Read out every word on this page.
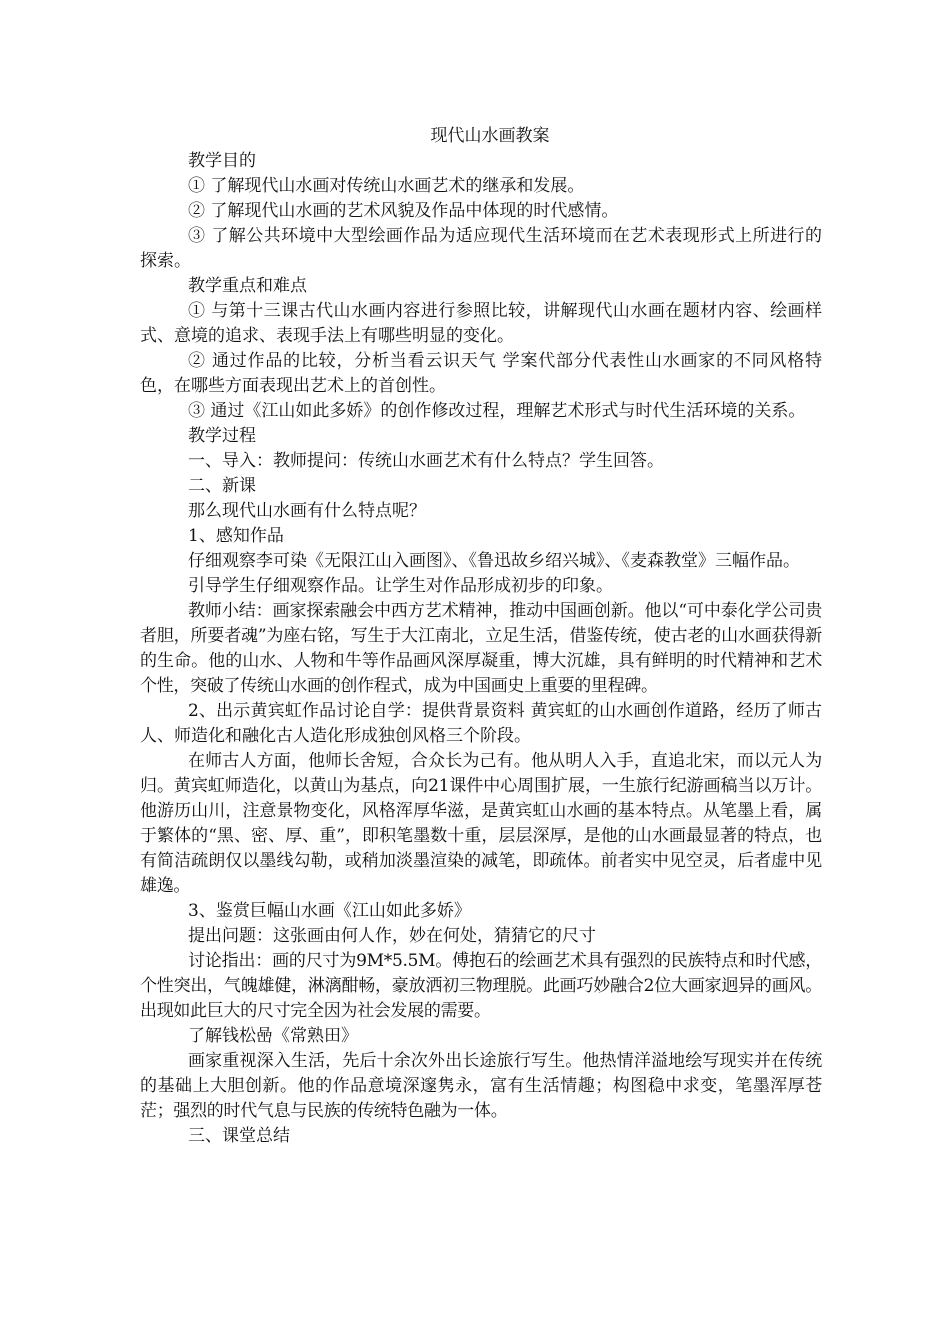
现代山水画教案

教学目的

① 了解现代山水画对传统山水画艺术的继承和发展。

② 了解现代山水画的艺术风貌及作品中体现的时代感情。

③ 了解公共环境中大型绘画作品为适应现代生活环境而在艺术表现形式上所进行的探索。

教学重点和难点

① 与第十三课古代山水画内容进行参照比较，讲解现代山水画在题材内容、绘画样式、意境的追求、表现手法上有哪些明显的变化。

② 通过作品的比较，分析当看云识天气 学案代部分代表性山水画家的不同风格特色，在哪些方面表现出艺术上的首创性。

③ 通过《江山如此多娇》的创作修改过程，理解艺术形式与时代生活环境的关系。

教学过程

一、导入：教师提问：传统山水画艺术有什么特点？学生回答。

二、新课

那么现代山水画有什么特点呢？

1、感知作品

仔细观察李可染《无限江山入画图》、《鲁迅故乡绍兴城》、《麦森教堂》三幅作品。

引导学生仔细观察作品。让学生对作品形成初步的印象。

教师小结：画家探索融会中西方艺术精神，推动中国画创新。他以“可中泰化学公司贵者胆，所要者魂”为座右铭，写生于大江南北，立足生活，借鉴传统，使古老的山水画获得新的生命。他的山水、人物和牛等作品画风深厚凝重，博大沉雄，具有鲜明的时代精神和艺术个性，突破了传统山水画的创作程式，成为中国画史上重要的里程碑。

2、出示黄宾虹作品讨论自学：提供背景资料 黄宾虹的山水画创作道路，经历了师古人、师造化和融化古人造化形成独创风格三个阶段。

在师古人方面，他师长舍短，合众长为己有。他从明人入手，直追北宋，而以元人为归。黄宾虹师造化，以黄山为基点，向21课件中心周围扩展，一生旅行纪游画稿当以万计。他游历山川，注意景物变化，风格浑厚华滋，是黄宾虹山水画的基本特点。从笔墨上看，属于繁体的“黑、密、厚、重”，即积笔墨数十重，层层深厚，是他的山水画最显著的特点，也有简洁疏朗仅以墨线勾勒，或稍加淡墨渲染的减笔，即疏体。前者实中见空灵，后者虚中见雄逸。

3、鉴赏巨幅山水画《江山如此多娇》

提出问题：这张画由何人作，妙在何处，猜猜它的尺寸

讨论指出：画的尺寸为9M*5.5M。傅抱石的绘画艺术具有强烈的民族特点和时代感，个性突出，气魄雄健，淋漓酣畅，豪放洒初三物理脱。此画巧妙融合2位大画家迥异的画风。出现如此巨大的尺寸完全因为社会发展的需要。

了解钱松喦《常熟田》

画家重视深入生活，先后十余次外出长途旅行写生。他热情洋溢地绘写现实并在传统的基础上大胆创新。他的作品意境深邃隽永，富有生活情趣；构图稳中求变，笔墨浑厚苍茫；强烈的时代气息与民族的传统特色融为一体。

三、课堂总结
